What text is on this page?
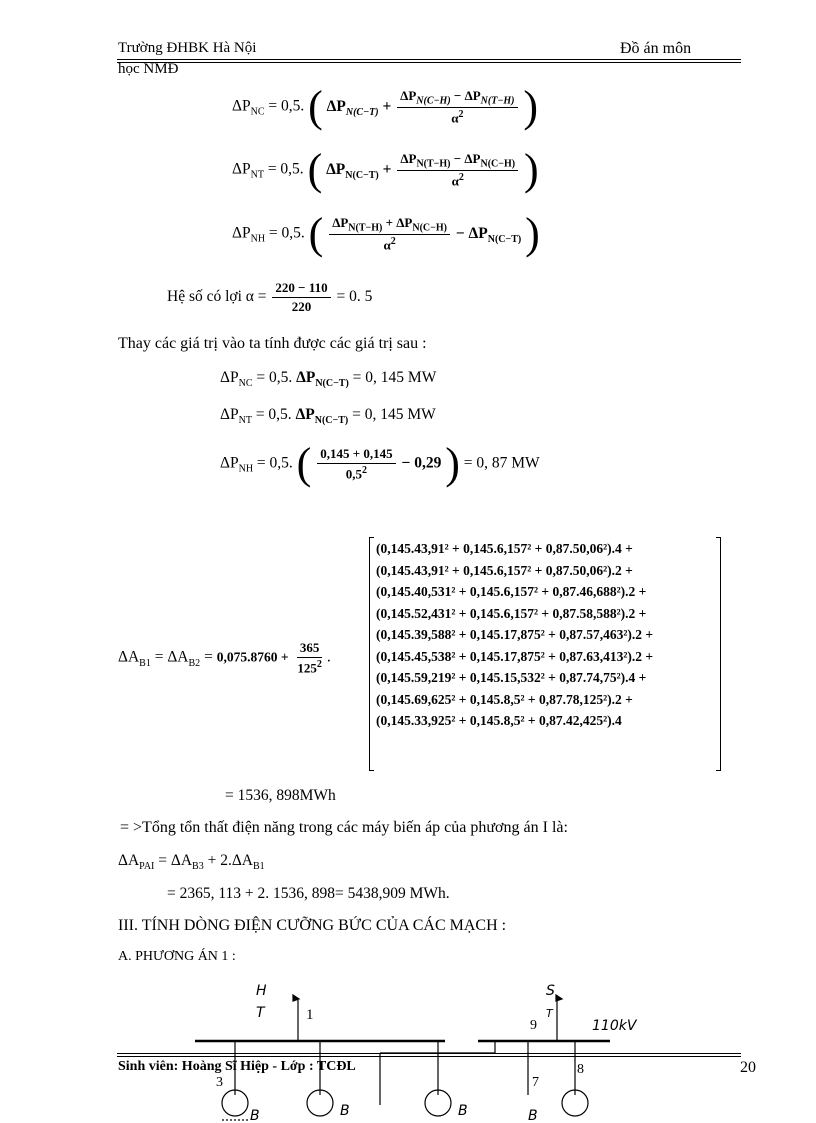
Trường ĐHBK Hà Nội	Đồ án môn
học NMĐ
$\Delta P_{NC} = 0,5$. ( $\Delta P_{N(C-T)} + \frac{\Delta P_{N(C-H)} - \Delta P_{N(T-H)}}{\alpha^2}$ )
$\Delta P_{NT} = 0,5$. ( $\Delta P_{N(C-T)} + \frac{\Delta P_{N(T-H)} - \Delta P_{N(C-H)}}{\alpha^2}$ )
$\Delta P_{NH} = 0,5$. ( $\frac{\Delta P_{N(T-H)} + \Delta P_{N(C-H)}}{\alpha^2} - \Delta P_{N(C-T)}$ )
Hệ số có lợi $\alpha = \frac{220 - 110}{220} = 0$. 5
Thay các giá trị vào ta tính được các giá trị sau :
$\Delta P_{NC} = 0,5$. $\Delta P_{N(C-T)} = 0$, 145 MW
$\Delta P_{NT} = 0,5$. $\Delta P_{N(C-T)} = 0$, 145 MW
$\Delta P_{NH} = 0,5$. ( $\frac{0,145 + 0,145}{0,5^2} - 0,29$ ) = 0, 87 MW
$\Delta A_{B1} = \Delta A_{B2} = 0,075.8760 + \frac{365}{125^2}$ .
(0,145.43,91² + 0,145.6,157² + 0,87.50,06²).4 +
(0,145.43,91² + 0,145.6,157² + 0,87.50,06²).2 +
(0,145.40,531² + 0,145.6,157² + 0,87.46,688²).2 +
(0,145.52,431² + 0,145.6,157² + 0,87.58,588²).2 +
(0,145.39,588² + 0,145.17,875² + 0,87.57,463²).2 +
(0,145.45,538² + 0,145.17,875² + 0,87.63,413²).2 +
(0,145.59,219² + 0,145.15,532² + 0,87.74,75²).4 +
(0,145.69,625² + 0,145.8,5² + 0,87.78,125²).2 +
(0,145.33,925² + 0,145.8,5² + 0,87.42,425²).4
= 1536, 898MWh
= >Tổng tổn thất điện năng trong các máy biến áp của phương án I là:
$\Delta A_{PAI} = \Delta A_{B3} + 2.\Delta A_{B1}$
= 2365, 113 + 2. 1536, 898= 5438,909 MWh.
III. TÍNH DÒNG ĐIỆN CƯỠNG BỨC CỦA CÁC MẠCH :
A. PHƯƠNG ÁN 1 :
H
T	1
S
T
9	110kV
3	7
8
B	B	B	B
Sinh viên: Hoàng Sĩ Hiệp - Lớp : TCĐL	20
